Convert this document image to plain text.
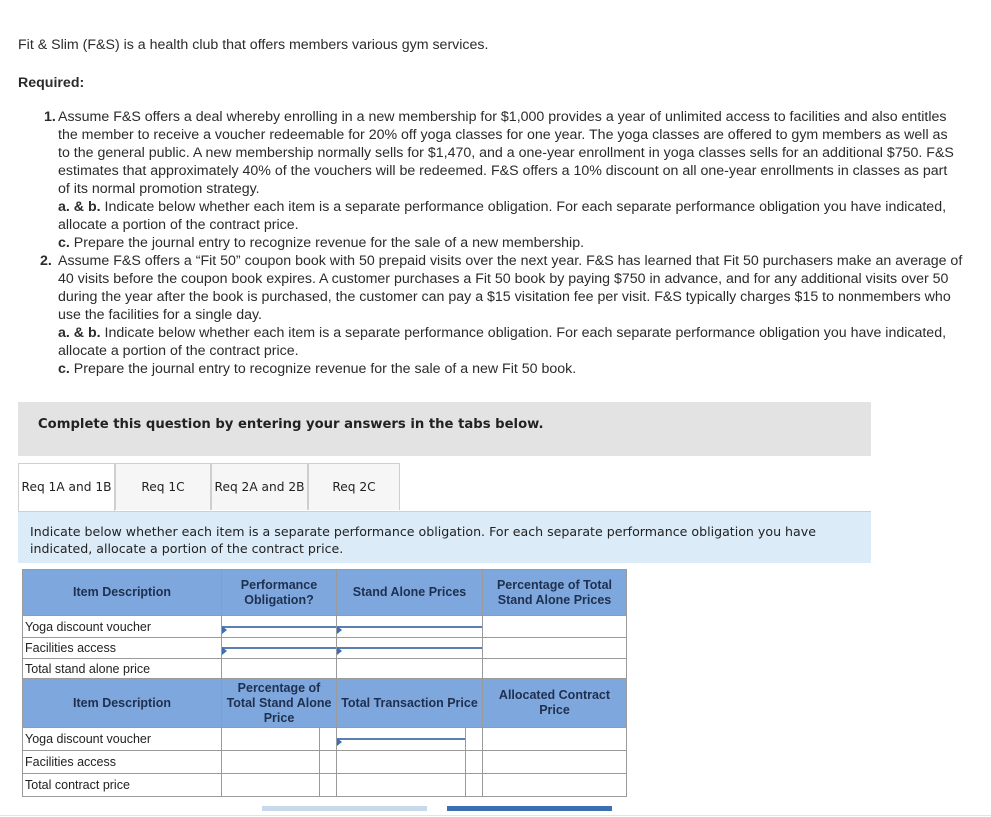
Fit & Slim (F&S) is a health club that offers members various gym services.
Required:
1. Assume F&S offers a deal whereby enrolling in a new membership for $1,000 provides a year of unlimited access to facilities and also entitles the member to receive a voucher redeemable for 20% off yoga classes for one year. The yoga classes are offered to gym members as well as to the general public. A new membership normally sells for $1,470, and a one-year enrollment in yoga classes sells for an additional $750. F&S estimates that approximately 40% of the vouchers will be redeemed. F&S offers a 10% discount on all one-year enrollments in classes as part of its normal promotion strategy.

a. & b. Indicate below whether each item is a separate performance obligation. For each separate performance obligation you have indicated, allocate a portion of the contract price.

c. Prepare the journal entry to recognize revenue for the sale of a new membership.

2. Assume F&S offers a “Fit 50” coupon book with 50 prepaid visits over the next year. F&S has learned that Fit 50 purchasers make an average of 40 visits before the coupon book expires. A customer purchases a Fit 50 book by paying $750 in advance, and for any additional visits over 50 during the year after the book is purchased, the customer can pay a $15 visitation fee per visit. F&S typically charges $15 to nonmembers who use the facilities for a single day.

a. & b. Indicate below whether each item is a separate performance obligation. For each separate performance obligation you have indicated, allocate a portion of the contract price.

c. Prepare the journal entry to recognize revenue for the sale of a new Fit 50 book.

Complete this question by entering your answers in the tabs below.
Req 1A and 1B	Req 1C	Req 2A and 2B	Req 2C
Indicate below whether each item is a separate performance obligation. For each separate performance obligation you have indicated, allocate a portion of the contract price.
Item Description	Performance Obligation?	Stand Alone Prices	Percentage of Total Stand Alone Prices
Yoga discount voucher	

Facilities access	

Total stand alone price			
Item Description	Percentage of Total Stand Alone Price		Total Transaction Price		Allocated Contract Price
Yoga discount voucher			

Facilities access					
Total contract price					
